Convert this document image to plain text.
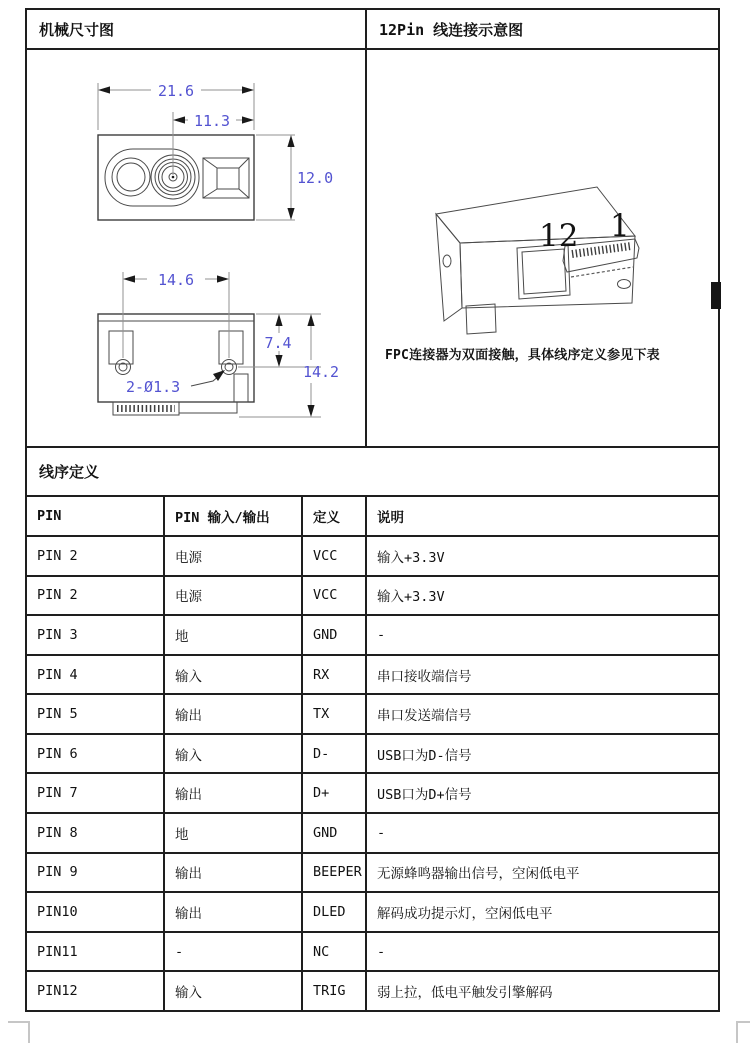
机械尺寸图	12Pin 线连接示意图
21.6
11.3
12.0
14.6
7.4
14.2
2-Ø1.3
12 1
FPC连接器为双面接触，具体线序定义参见下表
线序定义
PIN	PIN 输入/输出	定义	说明
PIN 2	电源	VCC	输入+3.3V
PIN 2	电源	VCC	输入+3.3V
PIN 3	地	GND	-
PIN 4	输入	RX	串口接收端信号
PIN 5	输出	TX	串口发送端信号
PIN 6	输入	D-	USB口为D-信号
PIN 7	输出	D+	USB口为D+信号
PIN 8	地	GND	-
PIN 9	输出	BEEPER	无源蜂鸣器输出信号，空闲低电平
PIN10	输出	DLED	解码成功提示灯，空闲低电平
PIN11	-	NC	-
PIN12	输入	TRIG	弱上拉，低电平触发引擎解码
